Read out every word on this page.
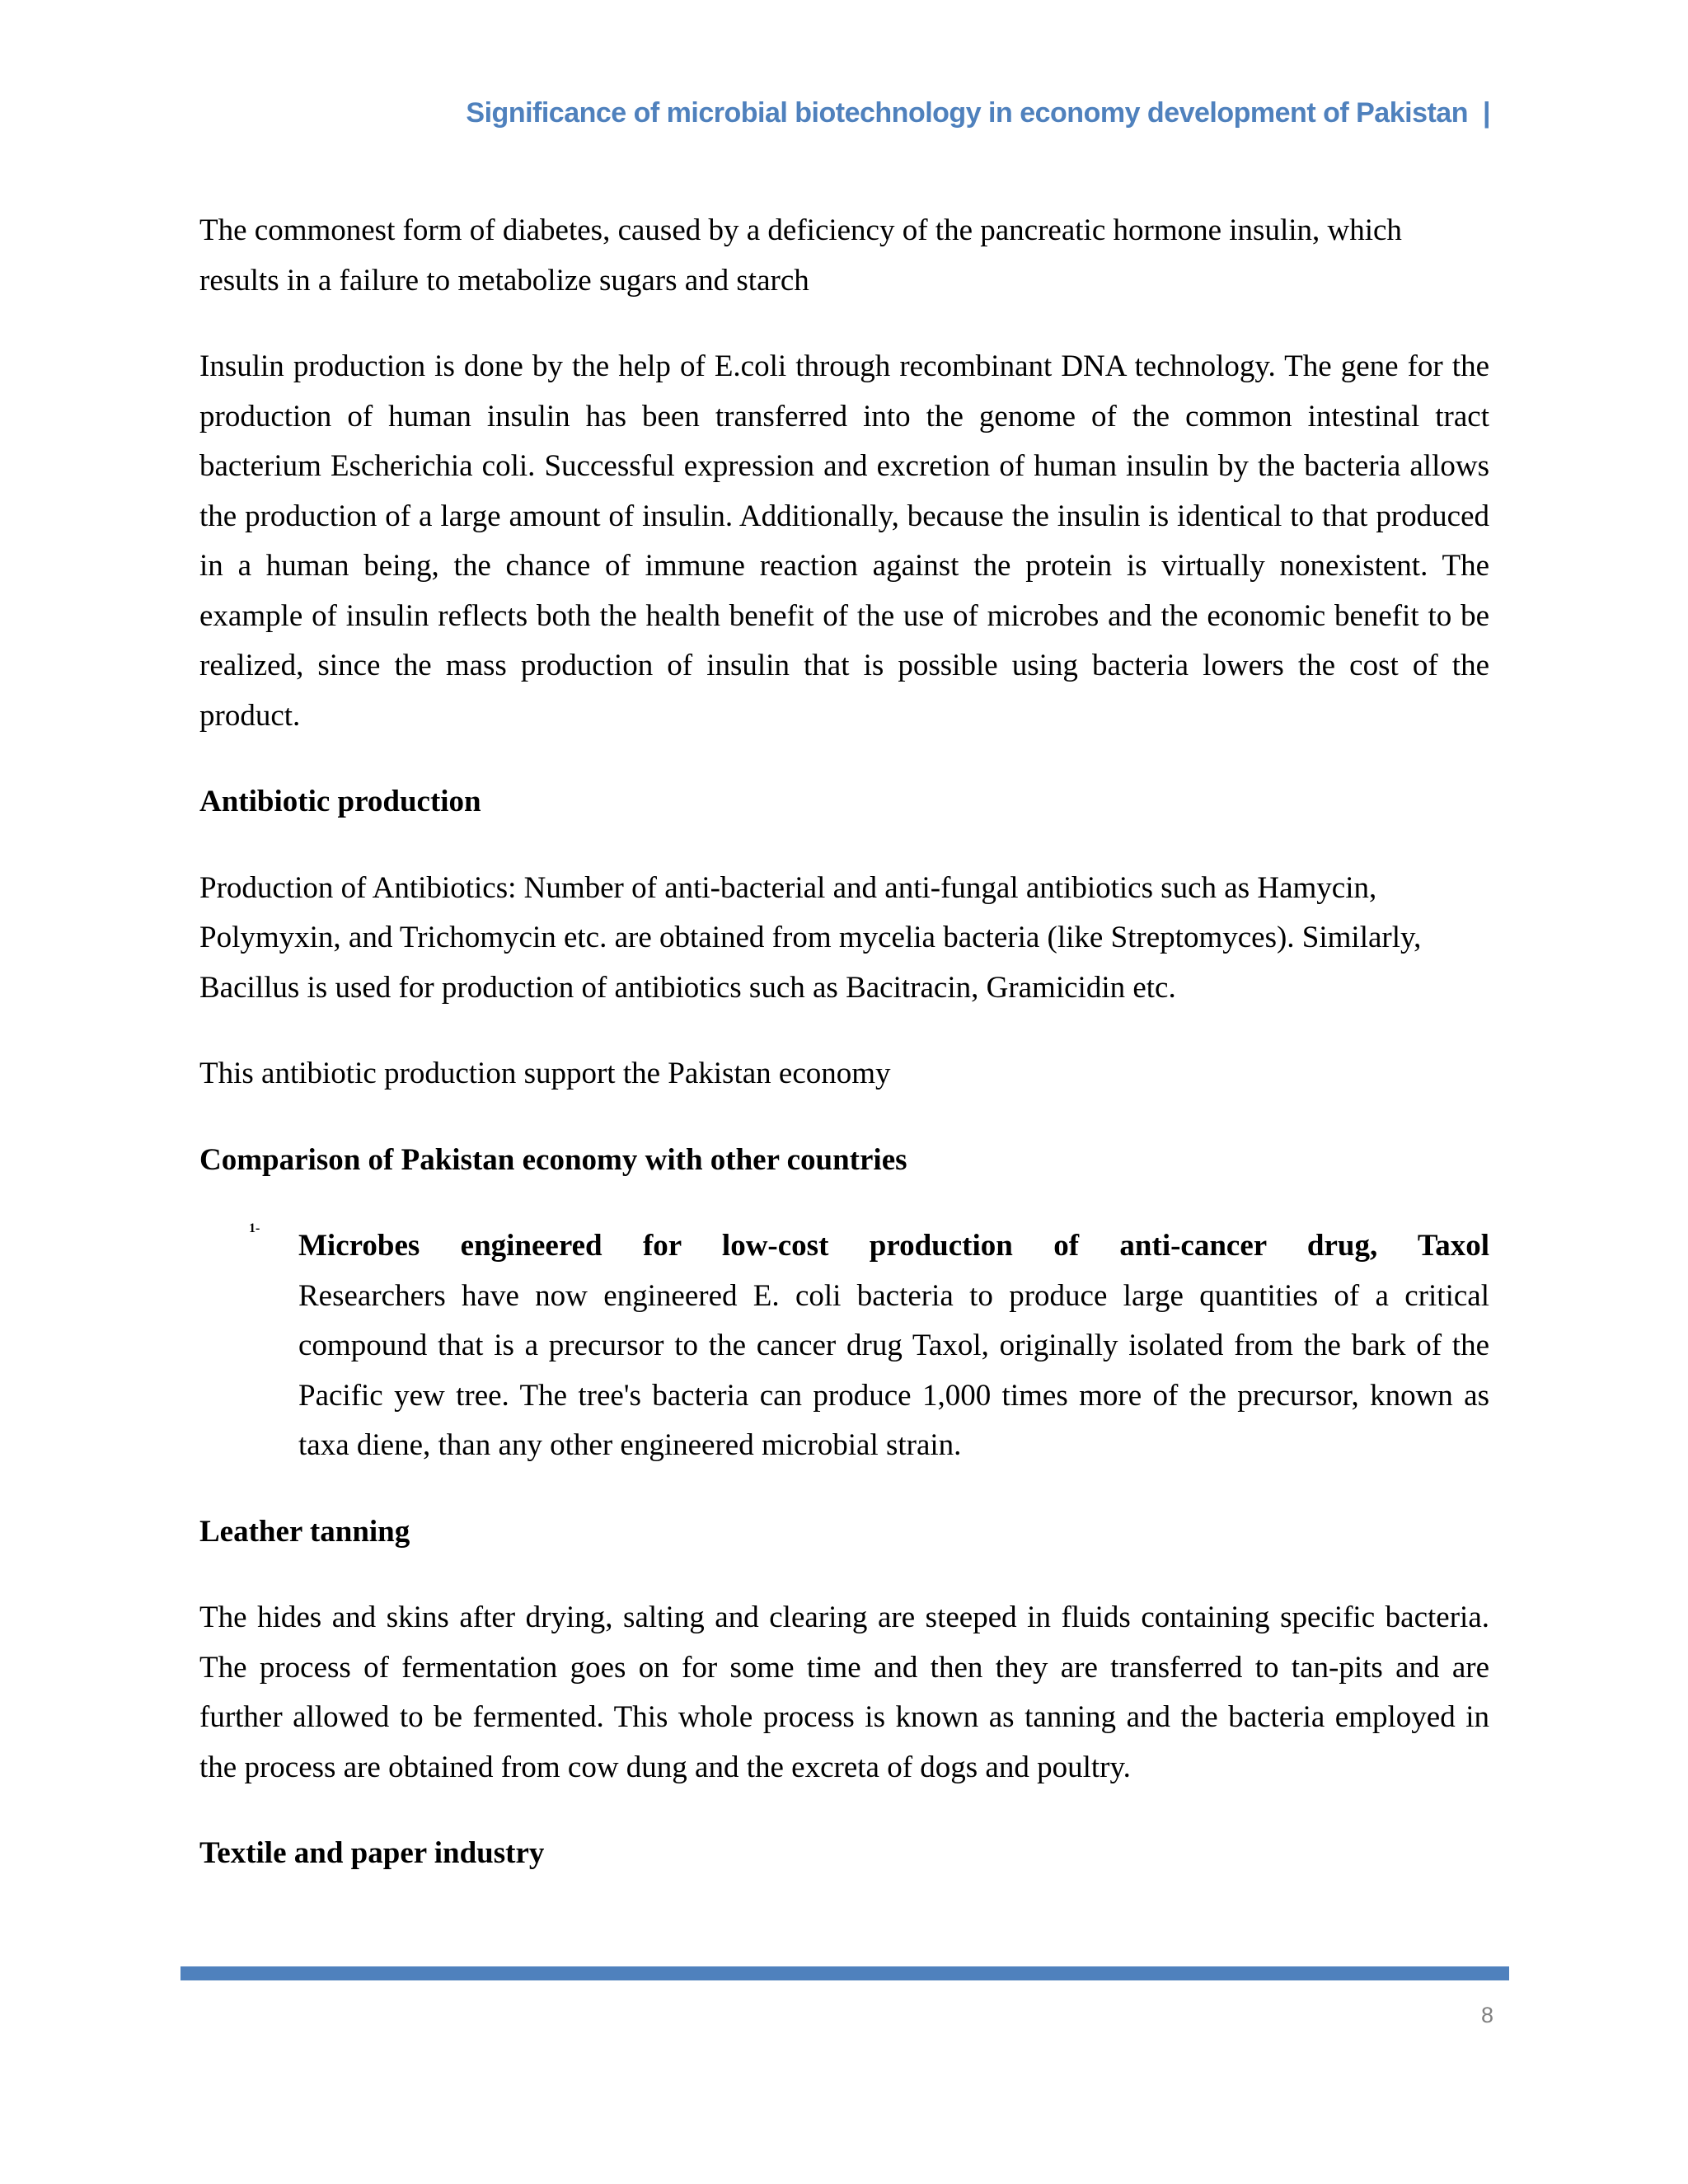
Significance of microbial biotechnology in economy development of Pakistan |

The commonest form of diabetes, caused by a deficiency of the pancreatic hormone insulin, which results in a failure to metabolize sugars and starch

Insulin production is done by the help of E.coli through recombinant DNA technology. The gene for the production of human insulin has been transferred into the genome of the common intestinal tract bacterium Escherichia coli. Successful expression and excretion of human insulin by the bacteria allows the production of a large amount of insulin. Additionally, because the insulin is identical to that produced in a human being, the chance of immune reaction against the protein is virtually nonexistent. The example of insulin reflects both the health benefit of the use of microbes and the economic benefit to be realized, since the mass production of insulin that is possible using bacteria lowers the cost of the product.

Antibiotic production

Production of Antibiotics: Number of anti-bacterial and anti-fungal antibiotics such as Hamycin, Polymyxin, and Trichomycin etc. are obtained from mycelia bacteria (like Streptomyces). Similarly, Bacillus is used for production of antibiotics such as Bacitracin, Gramicidin etc.

This antibiotic production support the Pakistan economy

Comparison of Pakistan economy with other countries
1-

Microbes engineered for low-cost production of anti-cancer drug, Taxol Researchers have now engineered E. coli bacteria to produce large quantities of a critical compound that is a precursor to the cancer drug Taxol, originally isolated from the bark of the Pacific yew tree. The tree's bacteria can produce 1,000 times more of the precursor, known as taxa diene, than any other engineered microbial strain.

Leather tanning

The hides and skins after drying, salting and clearing are steeped in fluids containing specific bacteria. The process of fermentation goes on for some time and then they are transferred to tan-pits and are further allowed to be fermented. This whole process is known as tanning and the bacteria employed in the process are obtained from cow dung and the excreta of dogs and poultry.

Textile and paper industry
8
